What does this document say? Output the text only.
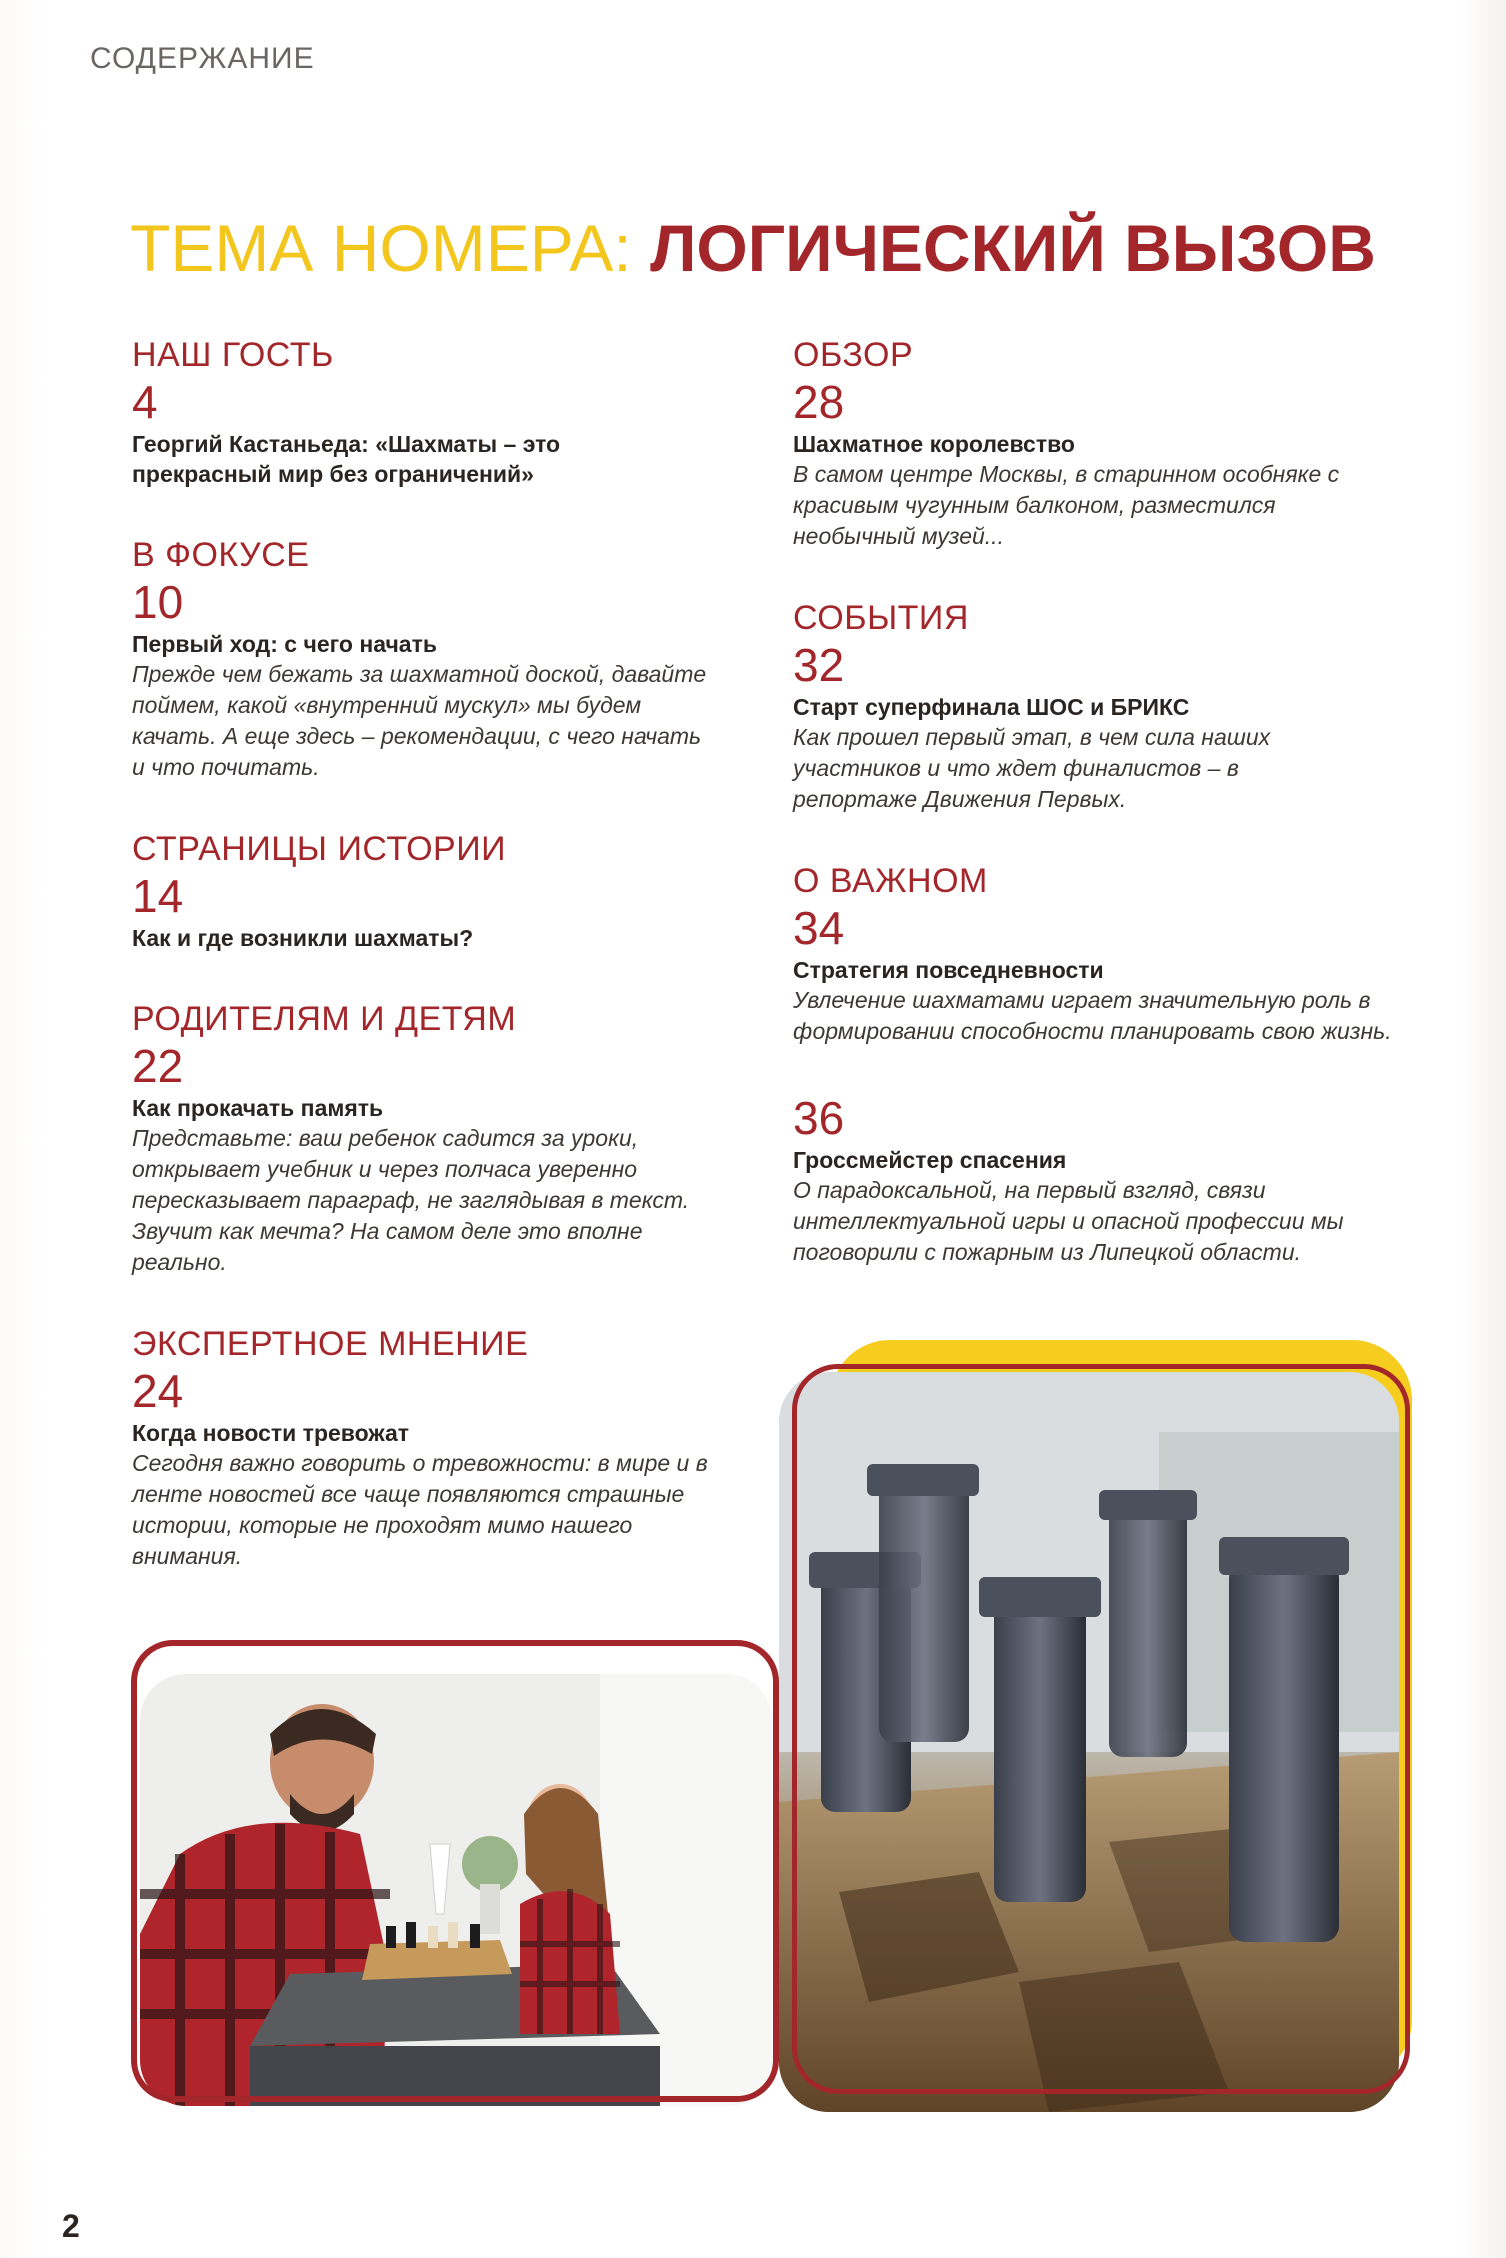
СОДЕРЖАНИЕ
ТЕМА НОМЕРА: ЛОГИЧЕСКИЙ ВЫЗОВ
НАШ ГОСТЬ
4
Георгий Кастаньеда: «Шахматы – это прекрасный мир без ограничений»
В ФОКУСЕ
10
Первый ход: с чего начать
Прежде чем бежать за шахматной доской, давайте поймем, какой «внутренний мускул» мы будем качать. А еще здесь – рекомендации, с чего начать и что почитать.
СТРАНИЦЫ ИСТОРИИ
14
Как и где возникли шахматы?
РОДИТЕЛЯМ И ДЕТЯМ
22
Как прокачать память
Представьте: ваш ребенок садится за уроки, открывает учебник и через полчаса уверенно пересказывает параграф, не заглядывая в текст. Звучит как мечта? На самом деле это вполне реально.
ЭКСПЕРТНОЕ МНЕНИЕ
24
Когда новости тревожат
Сегодня важно говорить о тревожности: в мире и в ленте новостей все чаще появляются страшные истории, которые не проходят мимо нашего внимания.
ОБЗОР
28
Шахматное королевство
В самом центре Москвы, в старинном особняке с красивым чугунным балконом, разместился необычный музей...
СОБЫТИЯ
32
Старт суперфинала ШОС и БРИКС
Как прошел первый этап, в чем сила наших участников и что ждет финалистов – в репортаже Движения Первых.
О ВАЖНОМ
34
Стратегия повседневности
Увлечение шахматами играет значительную роль в формировании способности планировать свою жизнь.
36
Гроссмейстер спасения
О парадоксальной, на первый взгляд, связи интеллектуальной игры и опасной профессии мы поговорили с пожарным из Липецкой области.
2
